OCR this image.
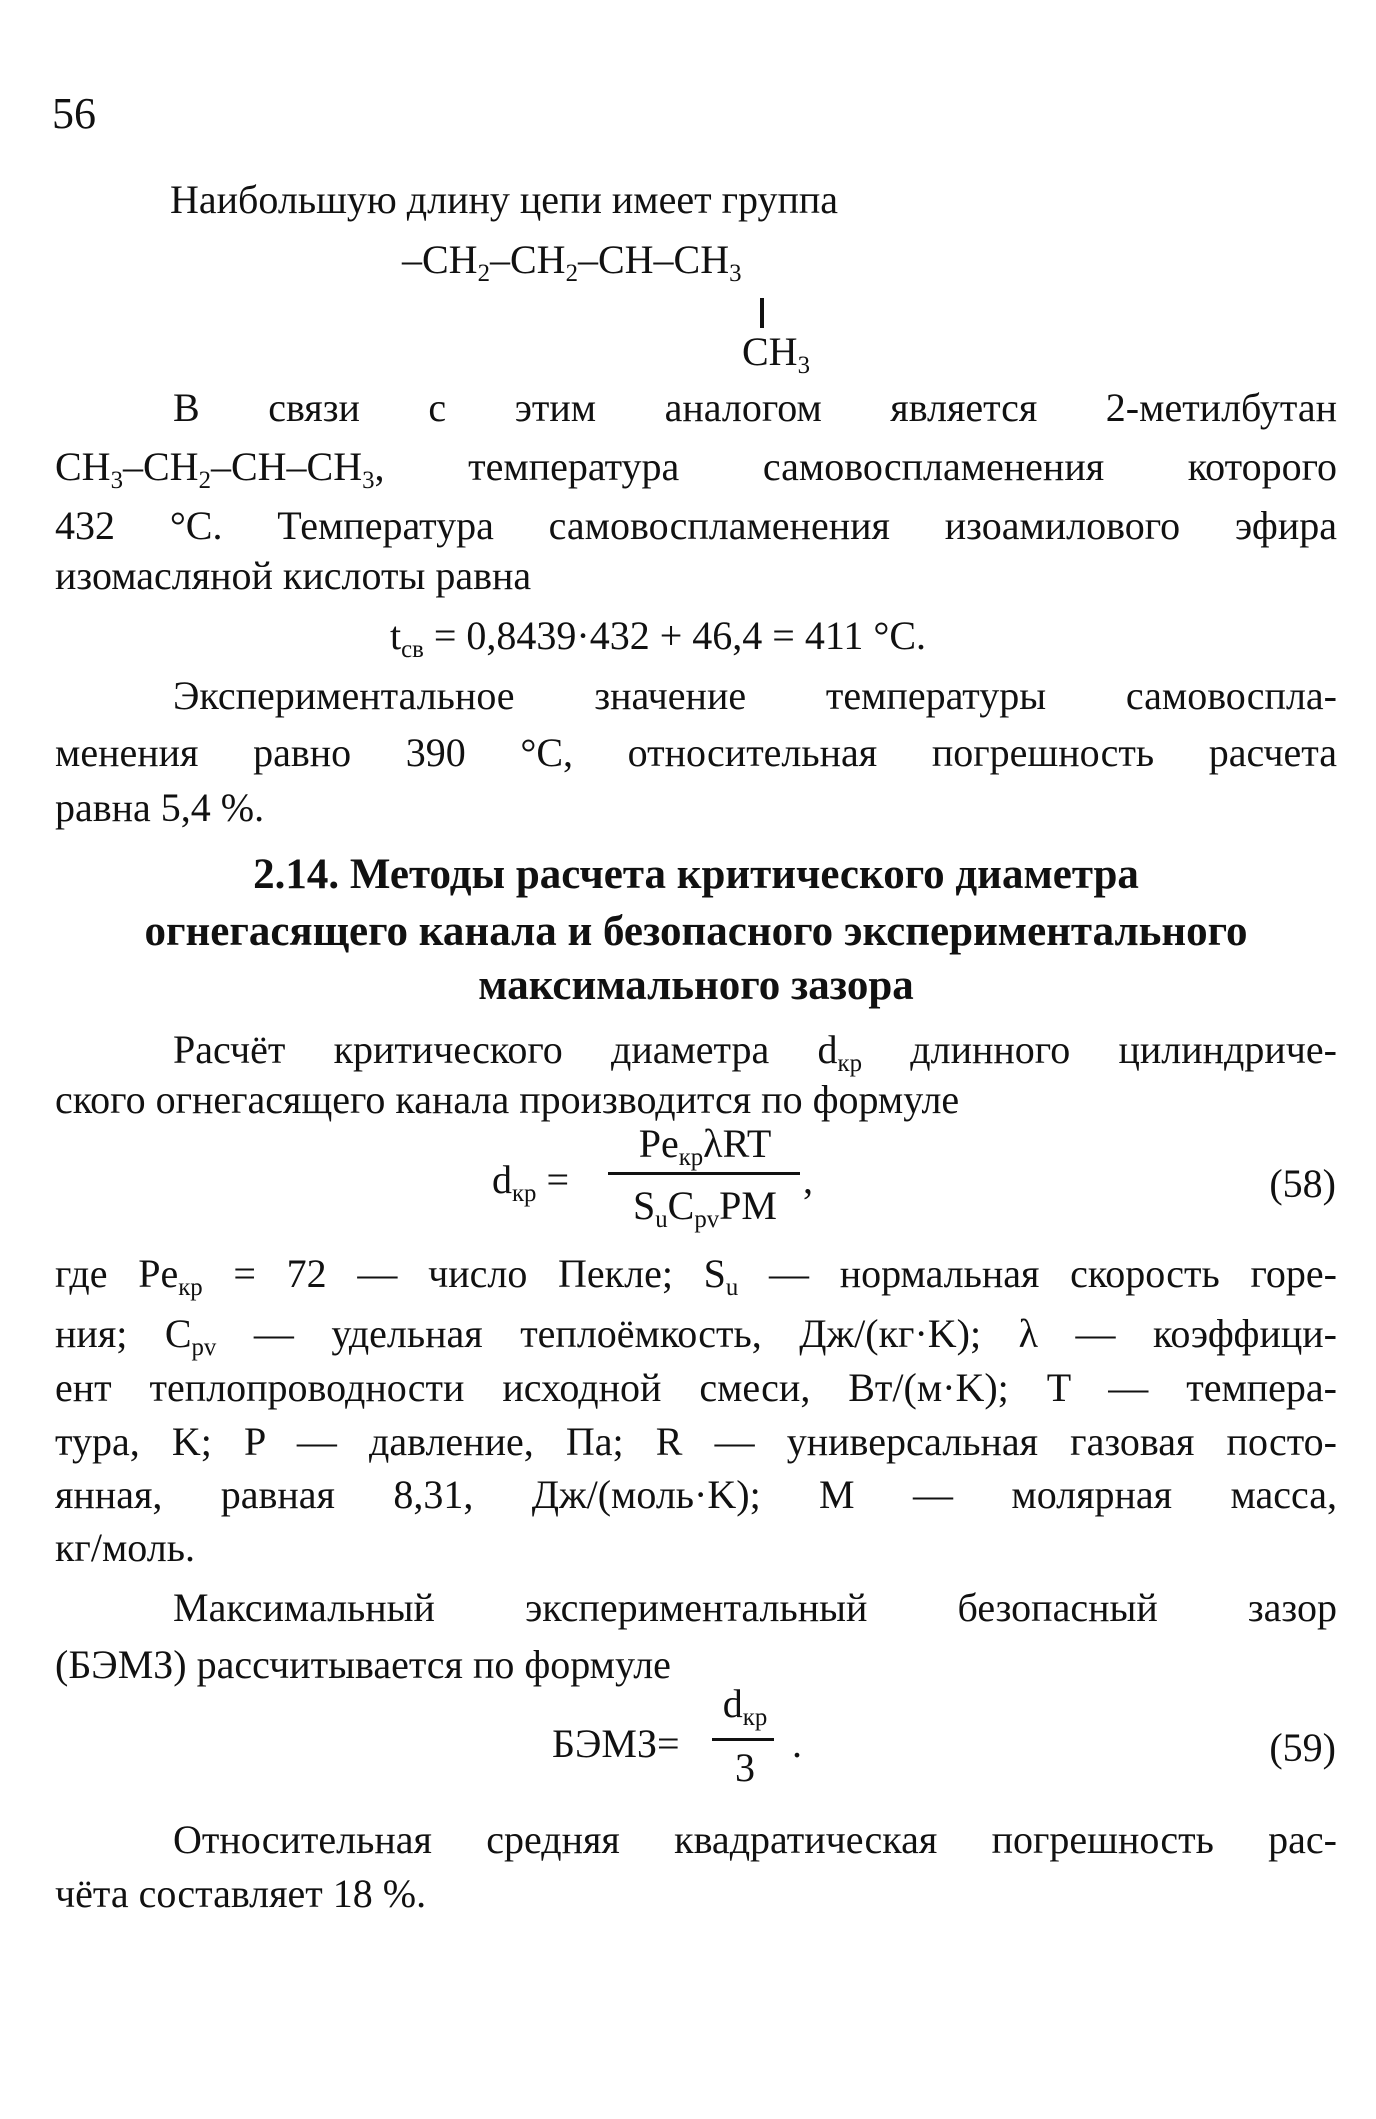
56
Наибольшую длину цепи имеет группа
$-CH_2-CH_2-CH-CH_3$
$CH_3$
В связи с этим аналогом является 2-метилбутан
$CH_3-CH_2-CH-CH_3$, температура самовоспламенения которого
432 °C. Температура самовоспламенения изоамилового эфира
изомасляной кислоты равна
$t_{св} = 0,8439\cdot 432 + 46,4 = 411$ °C.
Экспериментальное значение температуры самовоспла-
менения равно 390 °C, относительная погрешность расчета
равна 5,4 %.
2.14. Методы расчета критического диаметра
огнегасящего канала и безопасного экспериментального
максимального зазора
Расчёт критического диаметра $d_{кр}$ длинного цилиндриче-
ского огнегасящего канала производится по формуле
$d_{кр}$ =
$Pe_{кр}\lambda RT$
$S_uC_{pv}PM$
,	(58)
где $Pe_{кр} = 72$ — число Пекле; $S_u$ — нормальная скорость горе-
ния; $C_{pv}$ — удельная теплоёмкость, Дж/(кг·K); λ — коэффици-
ент теплопроводности исходной смеси, Вт/(м·K); T — темпера-
тура, K; P — давление, Па; R — универсальная газовая посто-
янная, равная 8,31, Дж/(моль·K); M — молярная масса,
кг/моль.
Максимальный экспериментальный безопасный зазор
(БЭМЗ) рассчитывается по формуле
БЭМЗ=
$d_{кр}$
3
.	(59)
Относительная средняя квадратическая погрешность рас-
чёта составляет 18 %.
